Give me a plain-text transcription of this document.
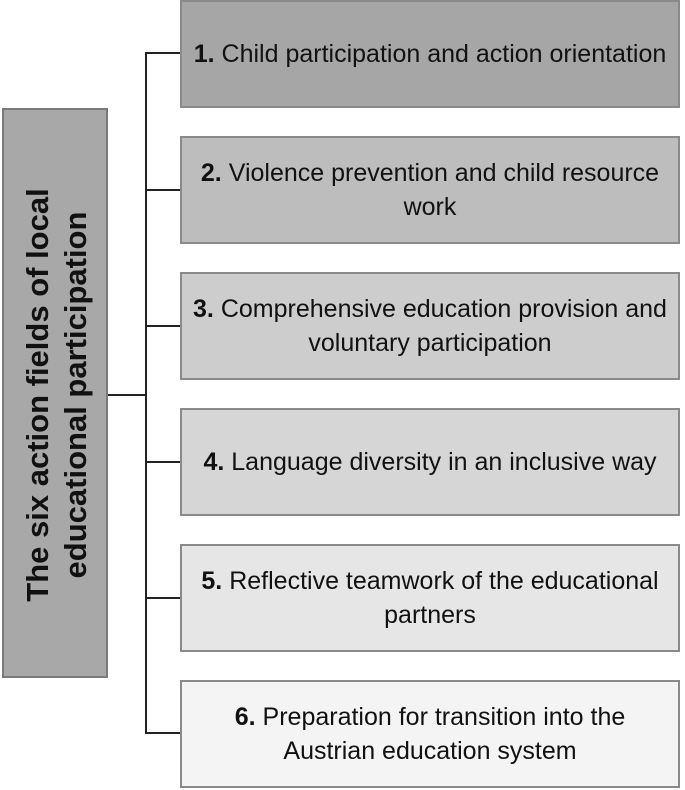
The six action fields of local educational participation
1. Child participation and action orientation
2. Violence prevention and child resource work
3. Comprehensive education provision and voluntary participation
4. Language diversity in an inclusive way
5. Reflective teamwork of the educational partners
6. Preparation for transition into the Austrian education system
